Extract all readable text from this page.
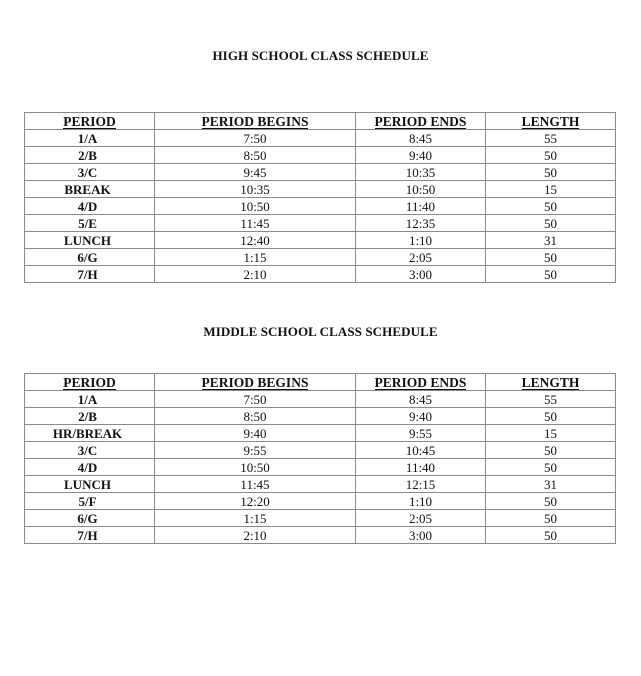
HIGH SCHOOL CLASS SCHEDULE
PERIOD	PERIOD BEGINS	PERIOD ENDS	LENGTH
1/A	7:50	8:45	55
2/B	8:50	9:40	50
3/C	9:45	10:35	50
BREAK	10:35	10:50	15
4/D	10:50	11:40	50
5/E	11:45	12:35	50
LUNCH	12:40	1:10	31
6/G	1:15	2:05	50
7/H	2:10	3:00	50
MIDDLE SCHOOL CLASS SCHEDULE
PERIOD	PERIOD BEGINS	PERIOD ENDS	LENGTH
1/A	7:50	8:45	55
2/B	8:50	9:40	50
HR/BREAK	9:40	9:55	15
3/C	9:55	10:45	50
4/D	10:50	11:40	50
LUNCH	11:45	12:15	31
5/F	12:20	1:10	50
6/G	1:15	2:05	50
7/H	2:10	3:00	50
